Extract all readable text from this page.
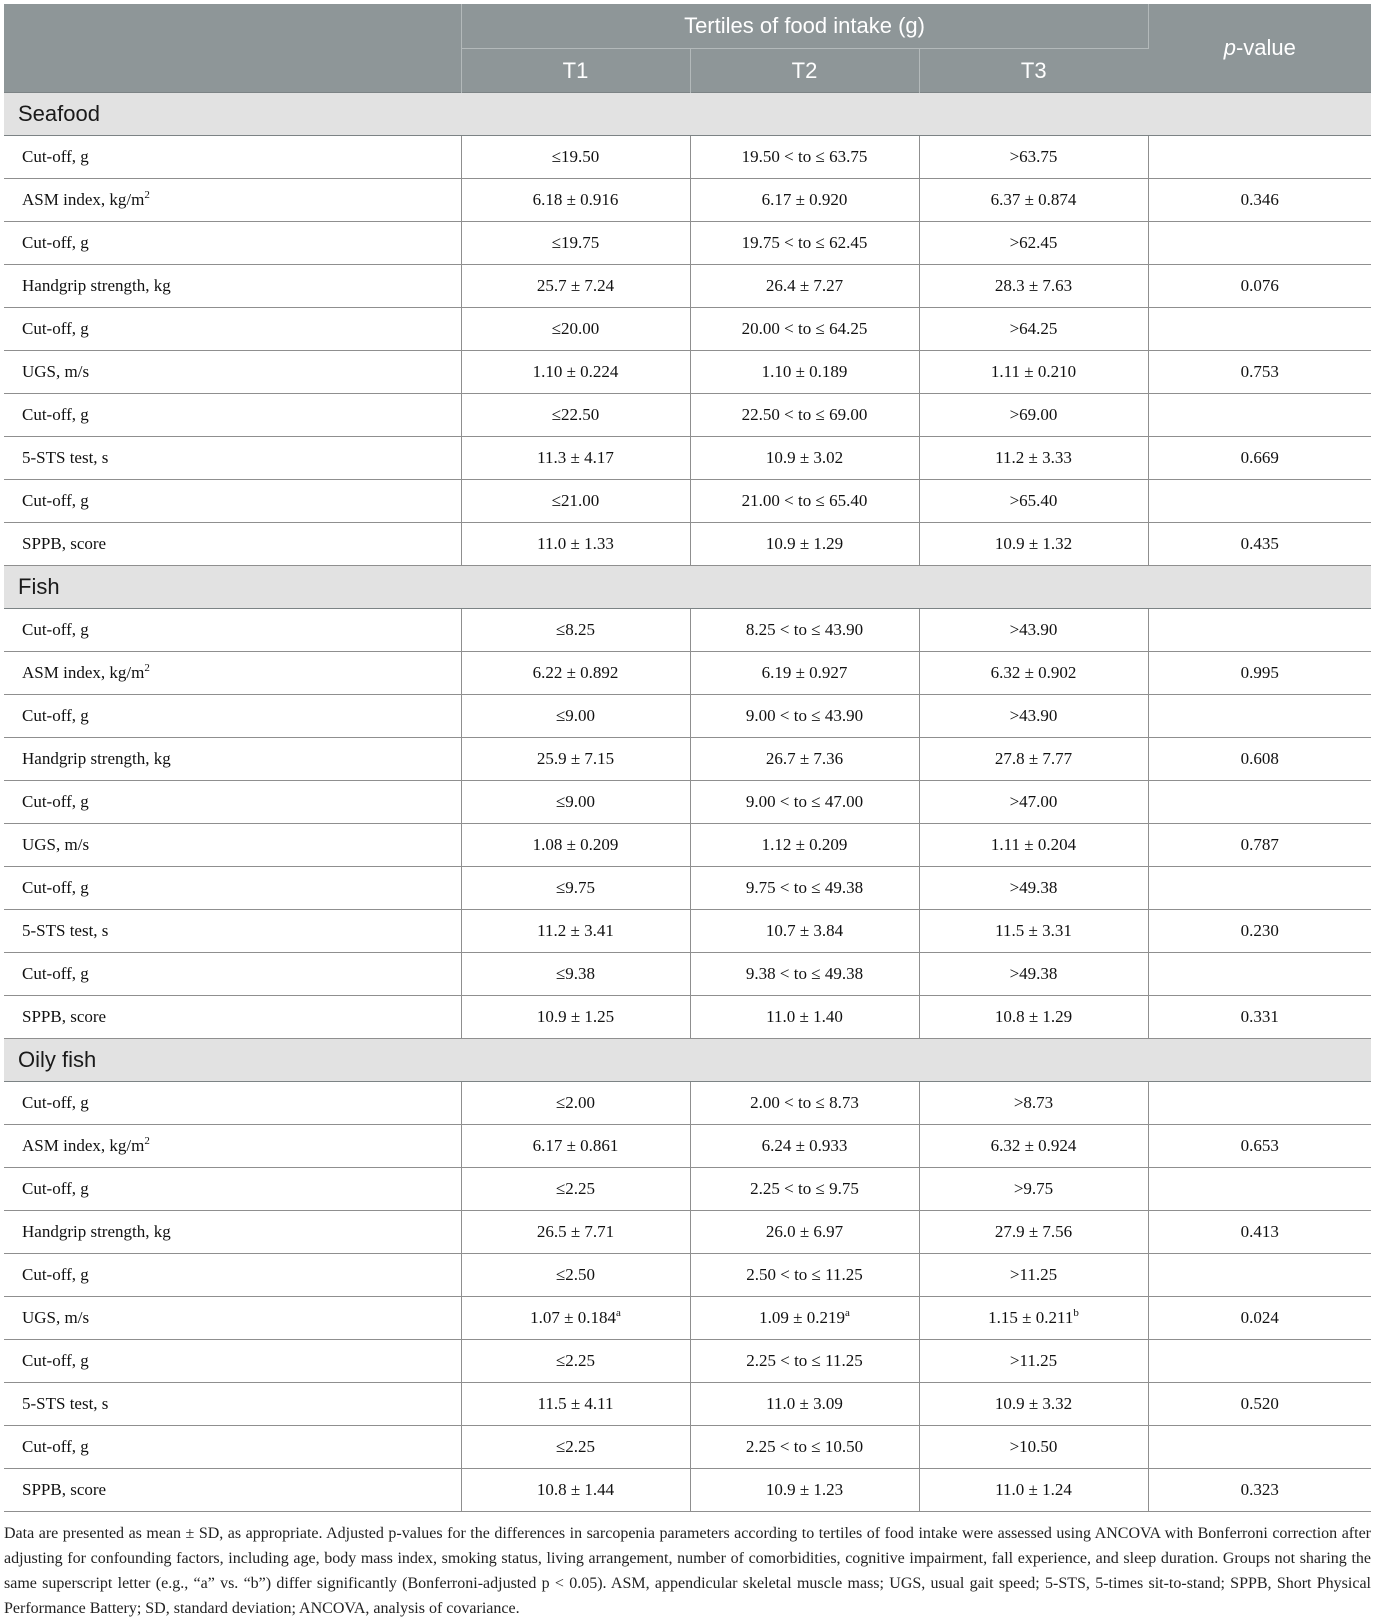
	Tertiles of food intake (g)			p-value
	T1	T2	T3	
Seafood				
Cut-off, g	≤19.50	19.50 < to ≤ 63.75	>63.75	
ASM index, $kg/m^2$	6.18 ± 0.916	6.17 ± 0.920	6.37 ± 0.874	0.346
Cut-off, g	≤19.75	19.75 < to ≤ 62.45	>62.45	
Handgrip strength, kg	25.7 ± 7.24	26.4 ± 7.27	28.3 ± 7.63	0.076
Cut-off, g	≤20.00	20.00 < to ≤ 64.25	>64.25	
UGS, m/s	1.10 ± 0.224	1.10 ± 0.189	1.11 ± 0.210	0.753
Cut-off, g	≤22.50	22.50 < to ≤ 69.00	>69.00	
5-STS test, s	11.3 ± 4.17	10.9 ± 3.02	11.2 ± 3.33	0.669
Cut-off, g	≤21.00	21.00 < to ≤ 65.40	>65.40	
SPPB, score	11.0 ± 1.33	10.9 ± 1.29	10.9 ± 1.32	0.435
Fish				
Cut-off, g	≤8.25	8.25 < to ≤ 43.90	>43.90	
ASM index, $kg/m^2$	6.22 ± 0.892	6.19 ± 0.927	6.32 ± 0.902	0.995
Cut-off, g	≤9.00	9.00 < to ≤ 43.90	>43.90	
Handgrip strength, kg	25.9 ± 7.15	26.7 ± 7.36	27.8 ± 7.77	0.608
Cut-off, g	≤9.00	9.00 < to ≤ 47.00	>47.00	
UGS, m/s	1.08 ± 0.209	1.12 ± 0.209	1.11 ± 0.204	0.787
Cut-off, g	≤9.75	9.75 < to ≤ 49.38	>49.38	
5-STS test, s	11.2 ± 3.41	10.7 ± 3.84	11.5 ± 3.31	0.230
Cut-off, g	≤9.38	9.38 < to ≤ 49.38	>49.38	
SPPB, score	10.9 ± 1.25	11.0 ± 1.40	10.8 ± 1.29	0.331
Oily fish				
Cut-off, g	≤2.00	2.00 < to ≤ 8.73	>8.73	
ASM index, $kg/m^2$	6.17 ± 0.861	6.24 ± 0.933	6.32 ± 0.924	0.653
Cut-off, g	≤2.25	2.25 < to ≤ 9.75	>9.75	
Handgrip strength, kg	26.5 ± 7.71	26.0 ± 6.97	27.9 ± 7.56	0.413
Cut-off, g	≤2.50	2.50 < to ≤ 11.25	>11.25	
UGS, m/s	1.07 ± 0.184$^a$	1.09 ± 0.219$^a$	1.15 ± 0.211$^b$	0.024
Cut-off, g	≤2.25	2.25 < to ≤ 11.25	>11.25	
5-STS test, s	11.5 ± 4.11	11.0 ± 3.09	10.9 ± 3.32	0.520
Cut-off, g	≤2.25	2.25 < to ≤ 10.50	>10.50	
SPPB, score	10.8 ± 1.44	10.9 ± 1.23	11.0 ± 1.24	0.323

Data are presented as mean ± SD, as appropriate. Adjusted p-values for the differences in sarcopenia parameters according to tertiles of food intake were assessed using ANCOVA with Bonferroni correction after adjusting for confounding factors, including age, body mass index, smoking status, living arrangement, number of comorbidities, cognitive impairment, fall experience, and sleep duration. Groups not sharing the same superscript letter (e.g., “a” vs. “b”) differ significantly (Bonferroni-adjusted p < 0.05). ASM, appendicular skeletal muscle mass; UGS, usual gait speed; 5-STS, 5-times sit-to-stand; SPPB, Short Physical Performance Battery; SD, standard deviation; ANCOVA, analysis of covariance.
